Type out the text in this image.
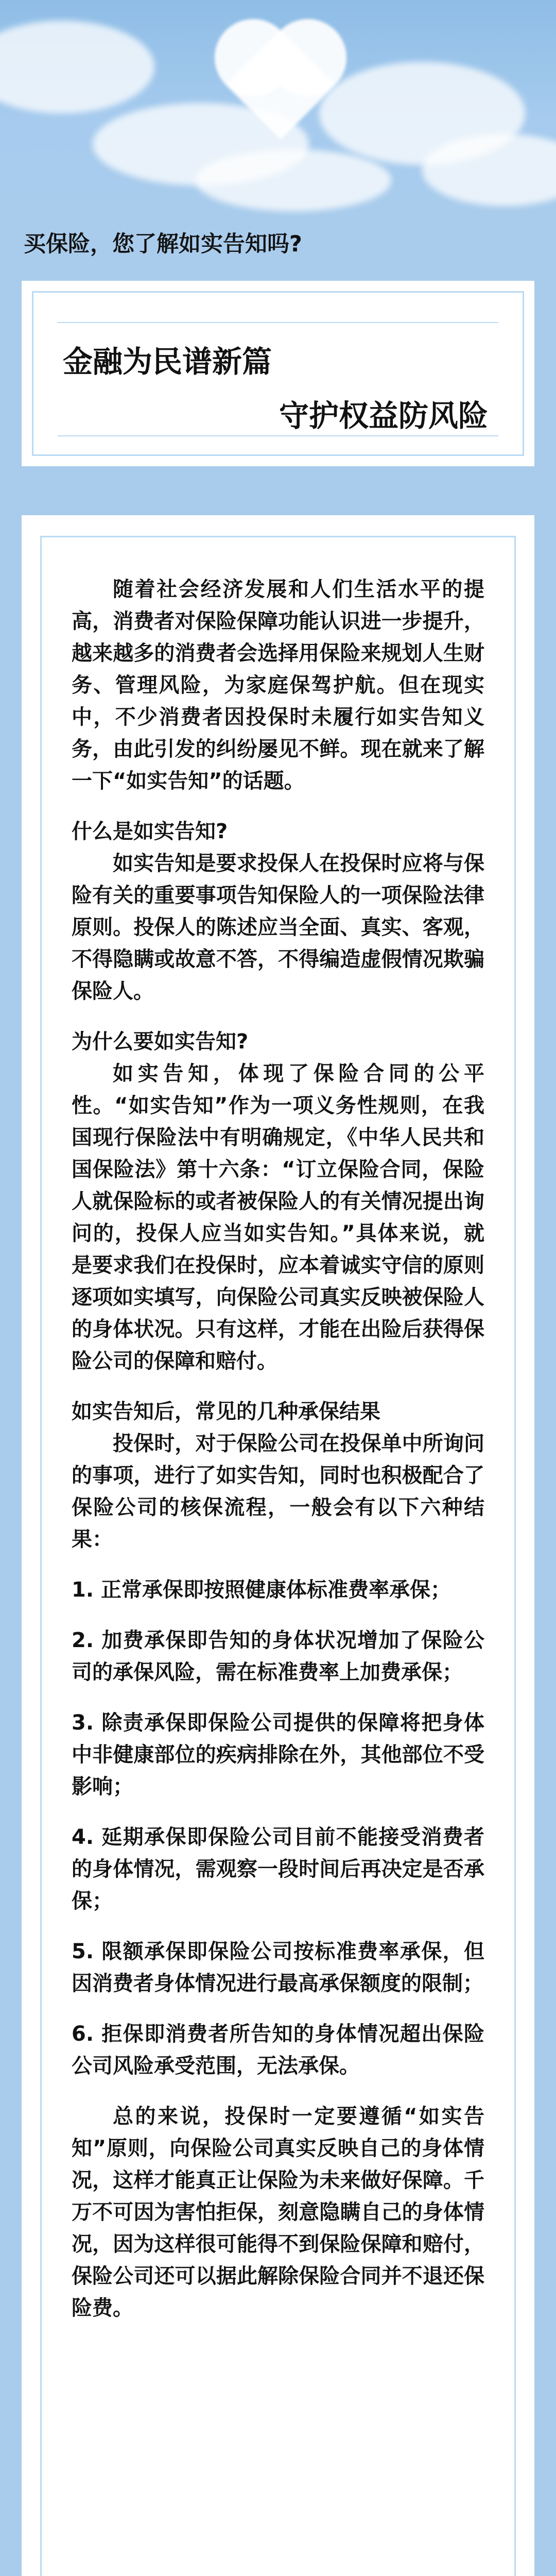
买保险，您了解如实告知吗?
金融为民谱新篇
守护权益防风险

随着社会经济发展和人们生活水平的提高，消费者对保险保障功能认识进一步提升，越来越多的消费者会选择用保险来规划人生财务、管理风险，为家庭保驾护航。但在现实中，不少消费者因投保时未履行如实告知义务，由此引发的纠纷屡见不鲜。现在就来了解一下“如实告知”的话题。

什么是如实告知?

如实告知是要求投保人在投保时应将与保险有关的重要事项告知保险人的一项保险法律原则。投保人的陈述应当全面、真实、客观，不得隐瞒或故意不答，不得编造虚假情况欺骗保险人。

为什么要如实告知?

如实告知，体现了保险合同的公平性。“如实告知”作为一项义务性规则，在我国现行保险法中有明确规定，《中华人民共和国保险法》第十六条：“订立保险合同，保险人就保险标的或者被保险人的有关情况提出询问的，投保人应当如实告知。”具体来说，就是要求我们在投保时，应本着诚实守信的原则逐项如实填写，向保险公司真实反映被保险人的身体状况。只有这样，才能在出险后获得保险公司的保障和赔付。

如实告知后，常见的几种承保结果

投保时，对于保险公司在投保单中所询问的事项，进行了如实告知，同时也积极配合了保险公司的核保流程，一般会有以下六种结果：

1. 正常承保即按照健康体标准费率承保；

2. 加费承保即告知的身体状况增加了保险公司的承保风险，需在标准费率上加费承保；

3. 除责承保即保险公司提供的保障将把身体中非健康部位的疾病排除在外，其他部位不受影响；

4. 延期承保即保险公司目前不能接受消费者的身体情况，需观察一段时间后再决定是否承保；

5. 限额承保即保险公司按标准费率承保，但因消费者身体情况进行最高承保额度的限制；

6. 拒保即消费者所告知的身体情况超出保险公司风险承受范围，无法承保。

总的来说，投保时一定要遵循“如实告知”原则，向保险公司真实反映自己的身体情况，这样才能真正让保险为未来做好保障。千万不可因为害怕拒保，刻意隐瞒自己的身体情况，因为这样很可能得不到保险保障和赔付，保险公司还可以据此解除保险合同并不退还保险费。
